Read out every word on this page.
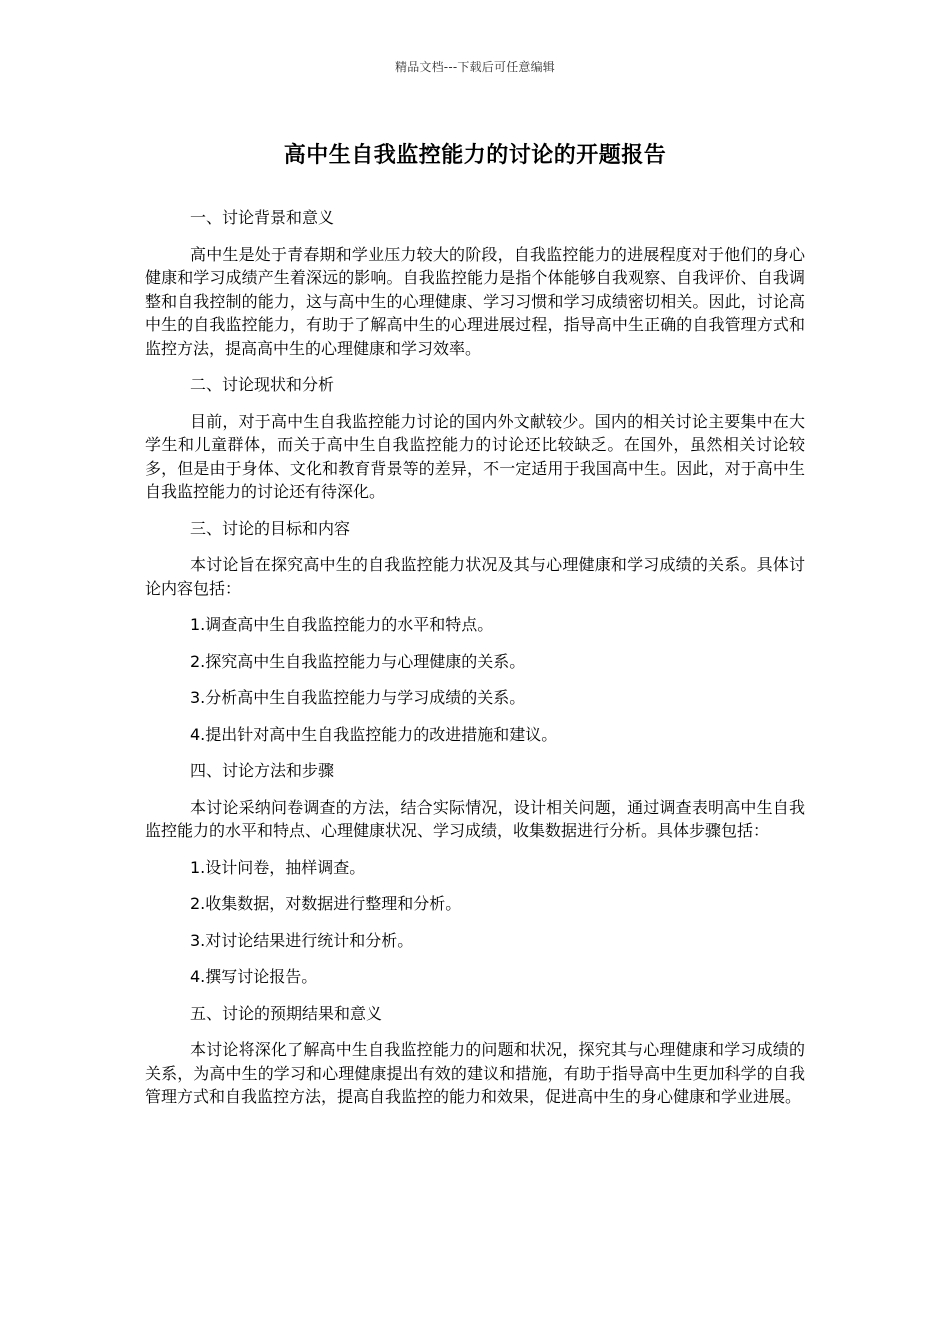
精品文档---下载后可任意编辑
高中生自我监控能力的讨论的开题报告

一、讨论背景和意义

高中生是处于青春期和学业压力较大的阶段，自我监控能力的进展程度对于他们的身心健康和学习成绩产生着深远的影响。自我监控能力是指个体能够自我观察、自我评价、自我调整和自我控制的能力，这与高中生的心理健康、学习习惯和学习成绩密切相关。因此，讨论高中生的自我监控能力，有助于了解高中生的心理进展过程，指导高中生正确的自我管理方式和监控方法，提高高中生的心理健康和学习效率。

二、讨论现状和分析

目前，对于高中生自我监控能力讨论的国内外文献较少。国内的相关讨论主要集中在大学生和儿童群体，而关于高中生自我监控能力的讨论还比较缺乏。在国外，虽然相关讨论较多，但是由于身体、文化和教育背景等的差异，不一定适用于我国高中生。因此，对于高中生自我监控能力的讨论还有待深化。

三、讨论的目标和内容

本讨论旨在探究高中生的自我监控能力状况及其与心理健康和学习成绩的关系。具体讨论内容包括：

1.调查高中生自我监控能力的水平和特点。

2.探究高中生自我监控能力与心理健康的关系。

3.分析高中生自我监控能力与学习成绩的关系。

4.提出针对高中生自我监控能力的改进措施和建议。

四、讨论方法和步骤

本讨论采纳问卷调查的方法，结合实际情况，设计相关问题，通过调查表明高中生自我监控能力的水平和特点、心理健康状况、学习成绩，收集数据进行分析。具体步骤包括：

1.设计问卷，抽样调查。

2.收集数据，对数据进行整理和分析。

3.对讨论结果进行统计和分析。

4.撰写讨论报告。

五、讨论的预期结果和意义

本讨论将深化了解高中生自我监控能力的问题和状况，探究其与心理健康和学习成绩的关系，为高中生的学习和心理健康提出有效的建议和措施，有助于指导高中生更加科学的自我管理方式和自我监控方法，提高自我监控的能力和效果，促进高中生的身心健康和学业进展。
